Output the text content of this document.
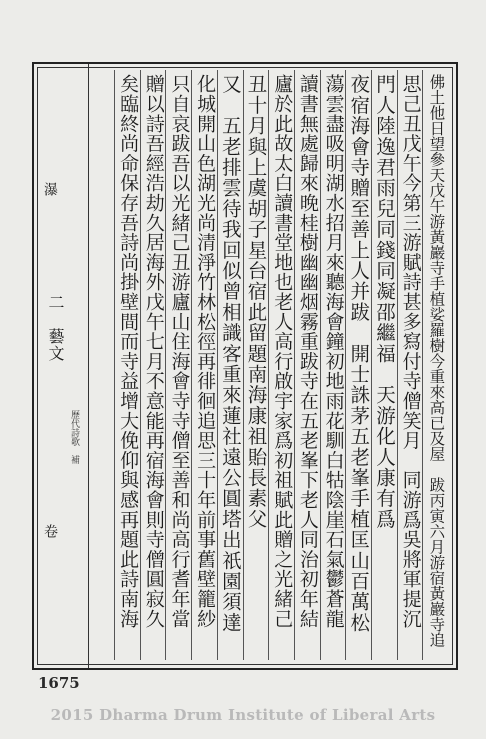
瀑
二　藝文
歷代詩歌　補
卷	佛土他日望參天戊午游黃巖寺手植娑羅樹今重來高已及屋　跋丙寅六月游宿黃巖寺追
思己丑戊午今第三游賦詩甚多寫付寺僧笑月　同游爲吳將軍提沉
門人陸逸君雨兒同錢同凝邵繼福　天游化人康有爲
夜宿海會寺贈至善上人并跋　開士誅茅五老峯手植匡山百萬松
蕩雲盡吸明湖水招月來聽海會鐘初地雨花馴白牯陰崖石氣鬱蒼龍
讀書無處歸來晚桂樹幽幽烟霧重跋寺在五老峯下老人同治初年結
廬於此故太白讀書堂地也老人高行啟宇家爲初祖賦此贈之光緒己
丑十月與上虞胡子星台宿此留題南海康祖貽長素父
又　五老排雲待我回似曾相識客重來蓮社遠公圓塔出祇園須達
化城開山色湖光尚清淨竹林松徑再徘徊追思三十年前事舊壁籠紗
只自哀跋吾以光緒己丑游廬山住海會寺寺僧至善和尚高行耆年當
贈以詩吾經浩劫久居海外戊午七月不意能再宿海會則寺僧圓寂久
矣臨終尚命保存吾詩尚掛壁間而寺益增大俛仰與感再題此詩南海
1675
2015 Dharma Drum Institute of Liberal Arts
